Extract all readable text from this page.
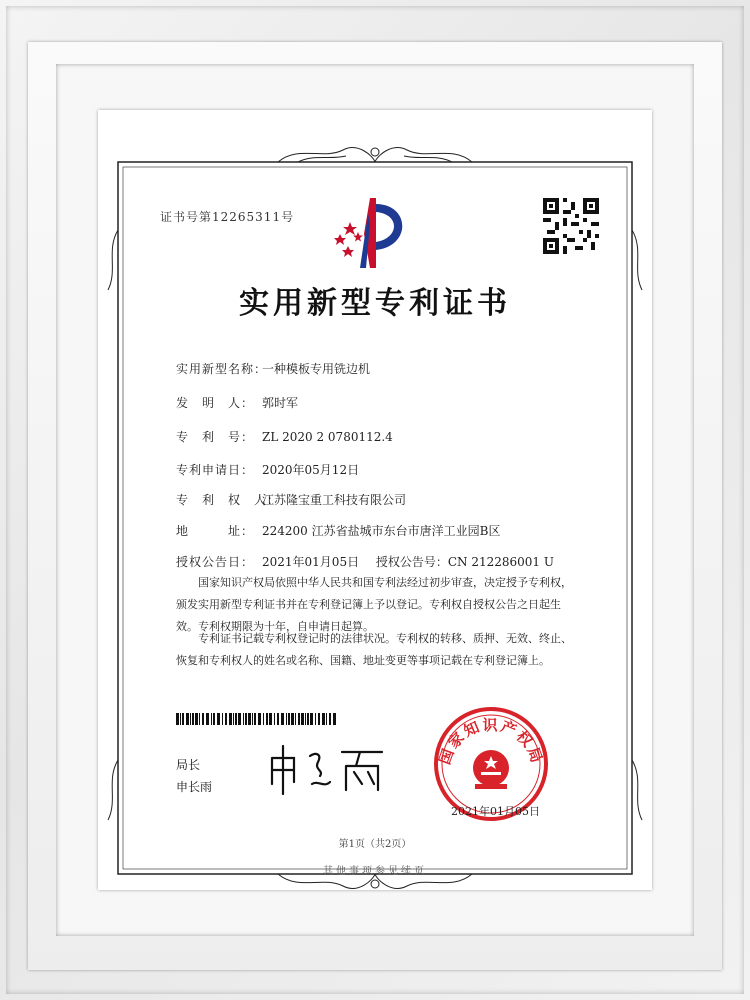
证书号第12265311号
实用新型专利证书
实用新型名称：一种模板专用铣边机
发　明　人： 郭时军
专　利　号： ZL 2020 2 0780112.4
专利申请日： 2020年05月12日
专　利　权　人：江苏隆宝重工科技有限公司
地　　　址： 224200 江苏省盐城市东台市唐洋工业园B区
授权公告日： 2021年01月05日 授权公告号：CN 212286001 U
国家知识产权局依照中华人民共和国专利法经过初步审查，决定授予专利权，颁发实用新型专利证书并在专利登记簿上予以登记。专利权自授权公告之日起生效。专利权期限为十年，自申请日起算。
专利证书记载专利权登记时的法律状况。专利权的转移、质押、无效、终止、恢复和专利权人的姓名或名称、国籍、地址变更等事项记载在专利登记簿上。
局长
申长雨
国家知识产权局
2021年01月05日
第1页（共2页）
其他事项参见续页
